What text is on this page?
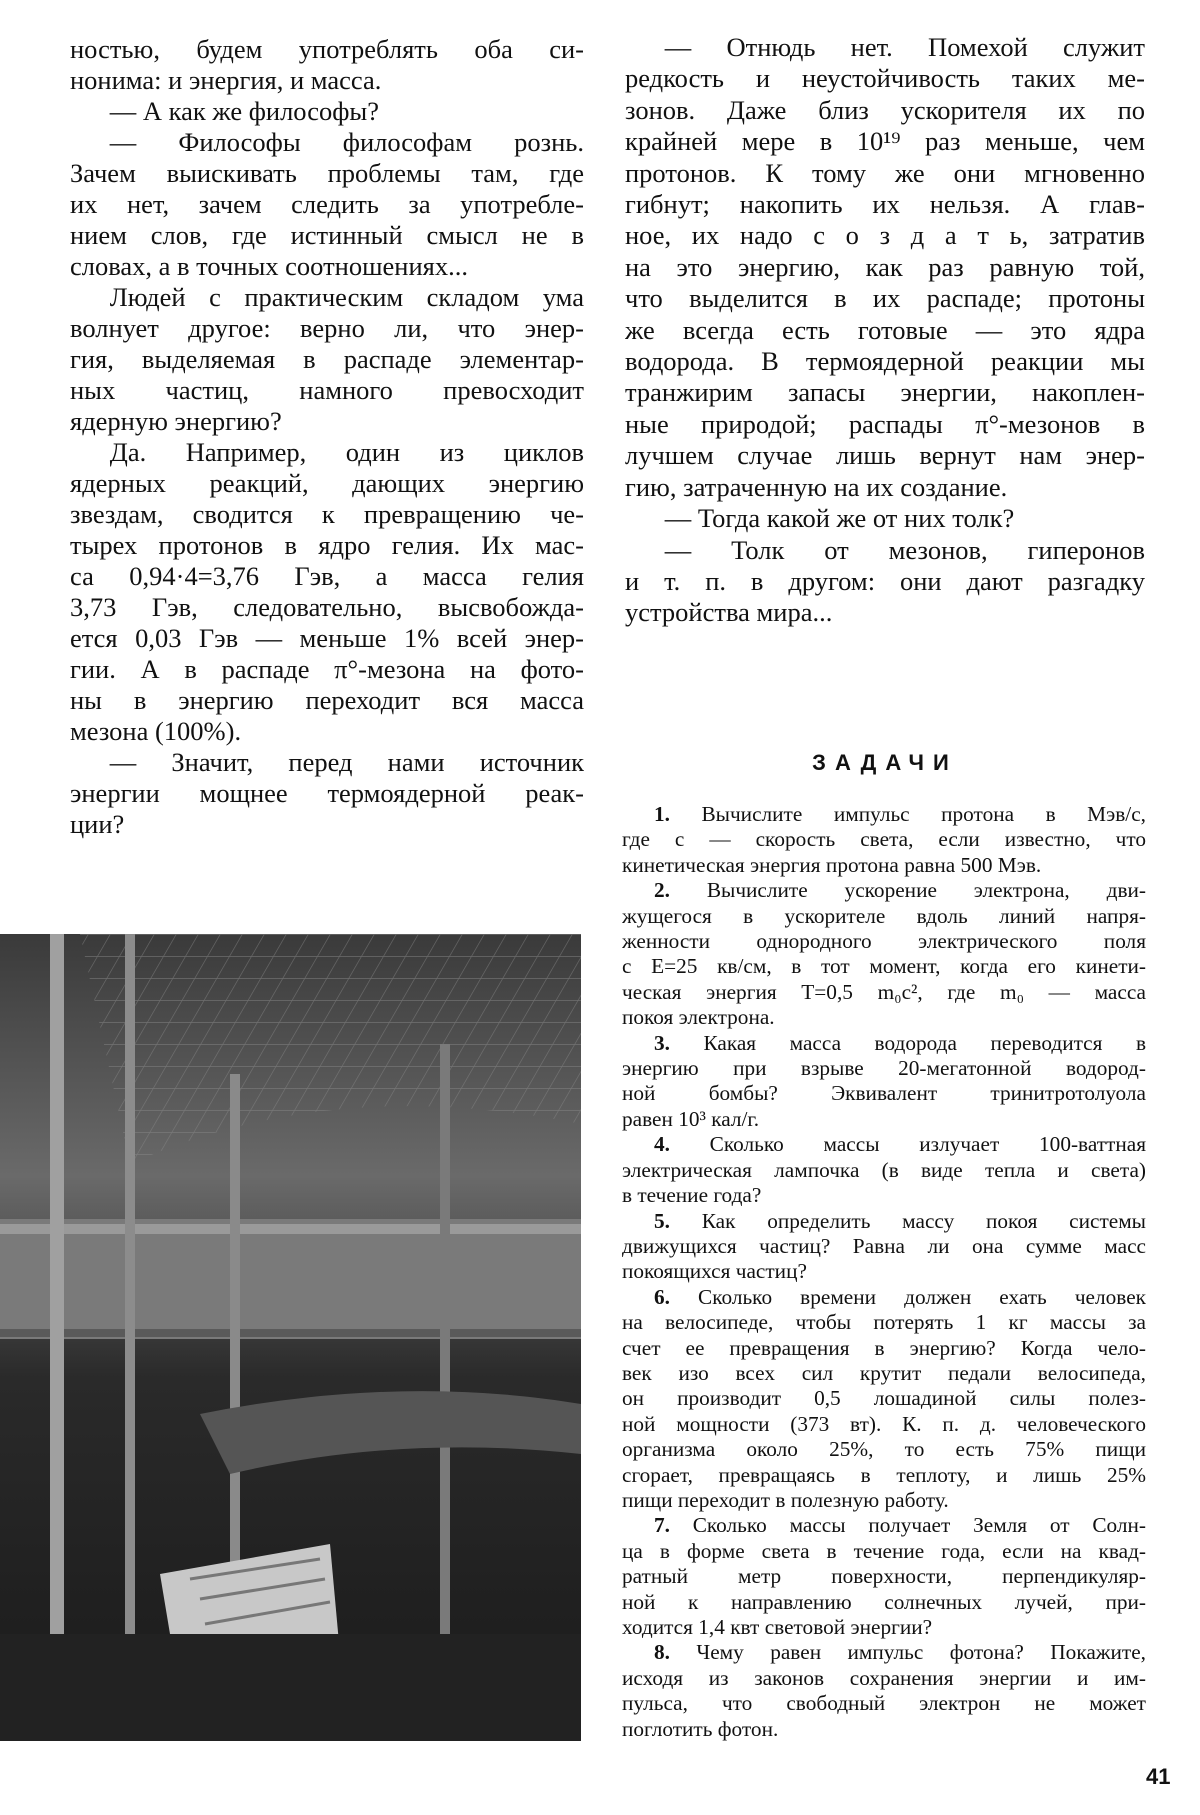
ностью, будем употреблять оба си-
нонима: и энергия, и масса.
— А как же философы?
— Философы философам рознь.
Зачем выискивать проблемы там, где
их нет, зачем следить за употребле-
нием слов, где истинный смысл не в
словах, а в точных соотношениях...
Людей с практическим складом ума
волнует другое: верно ли, что энер-
гия, выделяемая в распаде элементар-
ных частиц, намного превосходит
ядерную энергию?
Да. Например, один из циклов
ядерных реакций, дающих энергию
звездам, сводится к превращению че-
тырех протонов в ядро гелия. Их мас-
са 0,94·4=3,76 Гэв, а масса гелия
3,73 Гэв, следовательно, высвобожда-
ется 0,03 Гэв — меньше 1% всей энер-
гии. А в распаде π°-мезона на фото-
ны в энергию переходит вся масса
мезона (100%).
— Значит, перед нами источник
энергии мощнее термоядерной реак-
ции?
— Отнюдь нет. Помехой служит
редкость и неустойчивость таких ме-
зонов. Даже близ ускорителя их по
крайней мере в 10¹⁹ раз меньше, чем
протонов. К тому же они мгновенно
гибнут; накопить их нельзя. А глав-
ное, их надо с о з д а т ь, затратив
на это энергию, как раз равную той,
что выделится в их распаде; протоны
же всегда есть готовые — это ядра
водорода. В термоядерной реакции мы
транжирим запасы энергии, накоплен-
ные природой; распады π°-мезонов в
лучшем случае лишь вернут нам энер-
гию, затраченную на их создание.
— Тогда какой же от них толк?
— Толк от мезонов, гиперонов
и т. п. в другом: они дают разгадку
устройства мира...
ЗАДАЧИ
1. Вычислите импульс протона в Мэв/с,
где с — скорость света, если известно, что
кинетическая энергия протона равна 500 Мэв.
2. Вычислите ускорение электрона, дви-
жущегося в ускорителе вдоль линий напря-
женности однородного электрического поля
с Е=25 кв/см, в тот момент, когда его кинети-
ческая энергия Т=0,5 m₀c², где m₀ — масса
покоя электрона.
3. Какая масса водорода переводится в
энергию при взрыве 20-мегатонной водород-
ной бомбы? Эквивалент тринитротолуола
равен 10³ кал/г.
4. Сколько массы излучает 100-ваттная
электрическая лампочка (в виде тепла и света)
в течение года?
5. Как определить массу покоя системы
движущихся частиц? Равна ли она сумме масс
покоящихся частиц?
6. Сколько времени должен ехать человек
на велосипеде, чтобы потерять 1 кг массы за
счет ее превращения в энергию? Когда чело-
век изо всех сил крутит педали велосипеда,
он производит 0,5 лошадиной силы полез-
ной мощности (373 вт). К. п. д. человеческого
организма около 25%, то есть 75% пищи
сгорает, превращаясь в теплоту, и лишь 25%
пищи переходит в полезную работу.
7. Сколько массы получает Земля от Солн-
ца в форме света в течение года, если на квад-
ратный метр поверхности, перпендикуляр-
ной к направлению солнечных лучей, при-
ходится 1,4 квт световой энергии?
8. Чему равен импульс фотона? Покажите,
исходя из законов сохранения энергии и им-
пульса, что свободный электрон не может
поглотить фотон.
41
